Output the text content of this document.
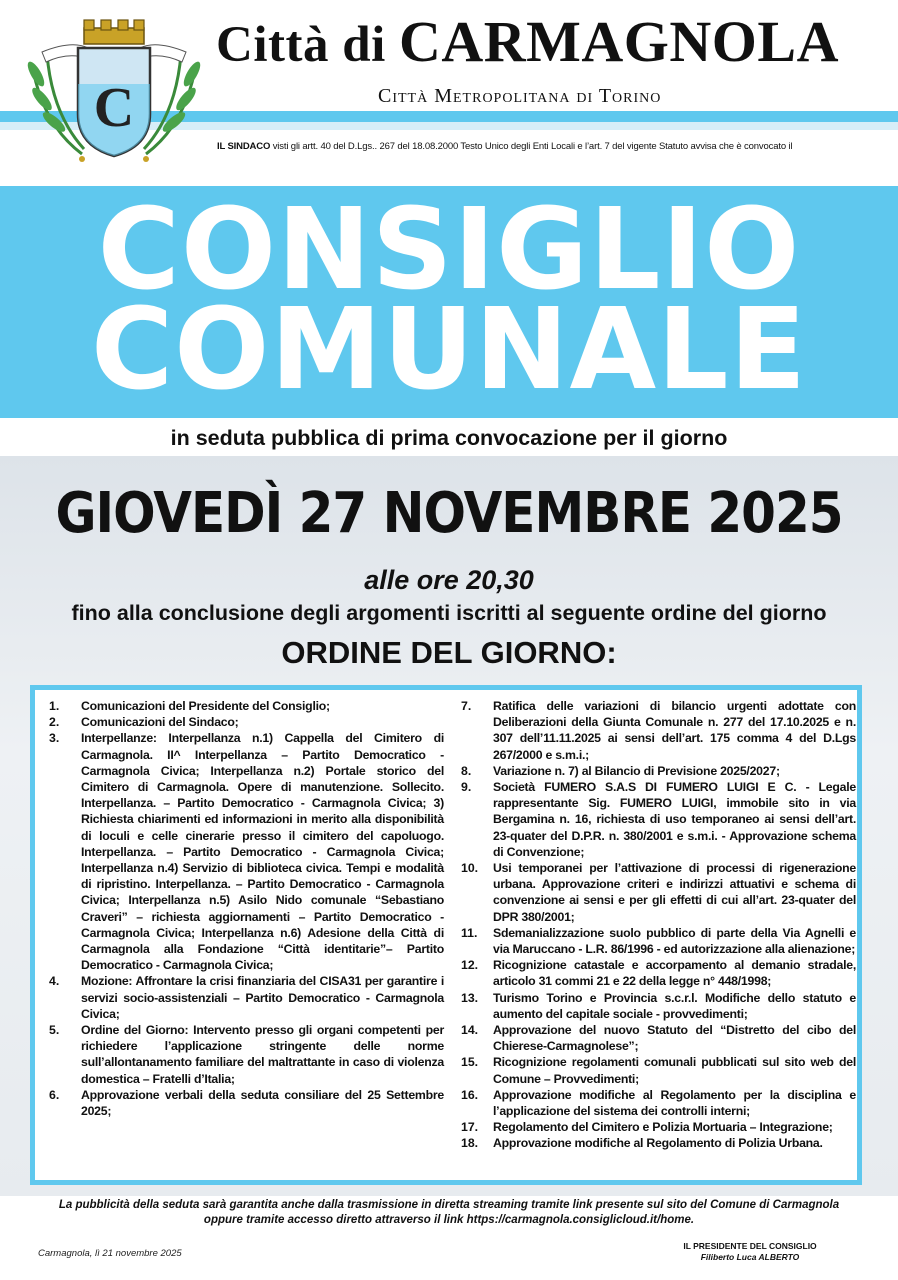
C
Città di CARMAGNOLA
Città Metropolitana di Torino
IL SINDACO visti gli artt. 40 del D.Lgs.. 267 del 18.08.2000 Testo Unico degli Enti Locali e l’art. 7 del vigente Statuto avvisa che è convocato il
CONSIGLIO
COMUNALE
in seduta pubblica di prima convocazione per il giorno
GIOVEDÌ 27 NOVEMBRE 2025
alle ore 20,30
fino alla conclusione degli argomenti iscritti al seguente ordine del giorno
ORDINE DEL GIORNO:
1.	Comunicazioni del Presidente del Consiglio;
2.	Comunicazioni del Sindaco;
3.	Interpellanze: Interpellanza n.1) Cappella del Cimitero di Carmagnola. II^ Interpellanza – Partito Democratico - Carmagnola Civica; Interpellanza n.2) Portale storico del Cimitero di Carmagnola. Opere di manutenzione. Sollecito. Interpellanza. – Partito Democratico - Carmagnola Civica; 3) Richiesta chiarimenti ed informazioni in merito alla disponibilità di loculi e celle cinerarie presso il cimitero del capoluogo. Interpellanza. – Partito Democratico - Carmagnola Civica; Interpellanza n.4) Servizio di biblioteca civica. Tempi e modalità di ripristino. Interpellanza. – Partito Democratico - Carmagnola Civica; Interpellanza n.5) Asilo Nido comunale “Sebastiano Craveri” – richiesta aggiornamenti – Partito Democratico - Carmagnola Civica; Interpellanza n.6) Adesione della Città di Carmagnola alla Fondazione “Città identitarie”– Partito Democratico - Carmagnola Civica;
4.	Mozione: Affrontare la crisi finanziaria del CISA31 per garantire i servizi socio-assistenziali – Partito Democratico - Carmagnola Civica;
5.	Ordine del Giorno: Intervento presso gli organi competenti per richiedere l’applicazione stringente delle norme sull’allontanamento familiare del maltrattante in caso di violenza domestica – Fratelli d’Italia;
6.	Approvazione verbali della seduta consiliare del 25 Settembre 2025;
7.	Ratifica delle variazioni di bilancio urgenti adottate con Deliberazioni della Giunta Comunale n. 277 del 17.10.2025 e n. 307 dell’11.11.2025 ai sensi dell’art. 175 comma 4 del D.Lgs 267/2000 e s.m.i.;
8.	Variazione n. 7) al Bilancio di Previsione 2025/2027;
9.	Società FUMERO S.A.S DI FUMERO LUIGI E C. - Legale rappresentante Sig. FUMERO LUIGI, immobile sito in via Bergamina n. 16, richiesta di uso temporaneo ai sensi dell’art. 23-quater del D.P.R. n. 380/2001 e s.m.i. - Approvazione schema di Convenzione;
10.	Usi temporanei per l’attivazione di processi di rigenerazione urbana. Approvazione criteri e indirizzi attuativi e schema di convenzione ai sensi e per gli effetti di cui all’art. 23-quater del DPR 380/2001;
11.	Sdemanializzazione suolo pubblico di parte della Via Agnelli e via Maruccano - L.R. 86/1996 - ed autorizzazione alla alienazione;
12.	Ricognizione catastale e accorpamento al demanio stradale, articolo 31 commi 21 e 22 della legge n° 448/1998;
13.	Turismo Torino e Provincia s.c.r.l. Modifiche dello statuto e aumento del capitale sociale - provvedimenti;
14.	Approvazione del nuovo Statuto del “Distretto del cibo del Chierese-Carmagnolese”;
15.	Ricognizione regolamenti comunali pubblicati sul sito web del Comune – Provvedimenti;
16.	Approvazione modifiche al Regolamento per la disciplina e l’applicazione del sistema dei controlli interni;
17.	Regolamento del Cimitero e Polizia Mortuaria – Integrazione;
18.	Approvazione modifiche al Regolamento di Polizia Urbana.
La pubblicità della seduta sarà garantita anche dalla trasmissione in diretta streaming tramite link presente sul sito del Comune di Carmagnola
oppure tramite accesso diretto attraverso il link https://carmagnola.consiglicloud.it/home.
Carmagnola, lì 21 novembre 2025
IL PRESIDENTE DEL CONSIGLIO
Filiberto Luca ALBERTO
